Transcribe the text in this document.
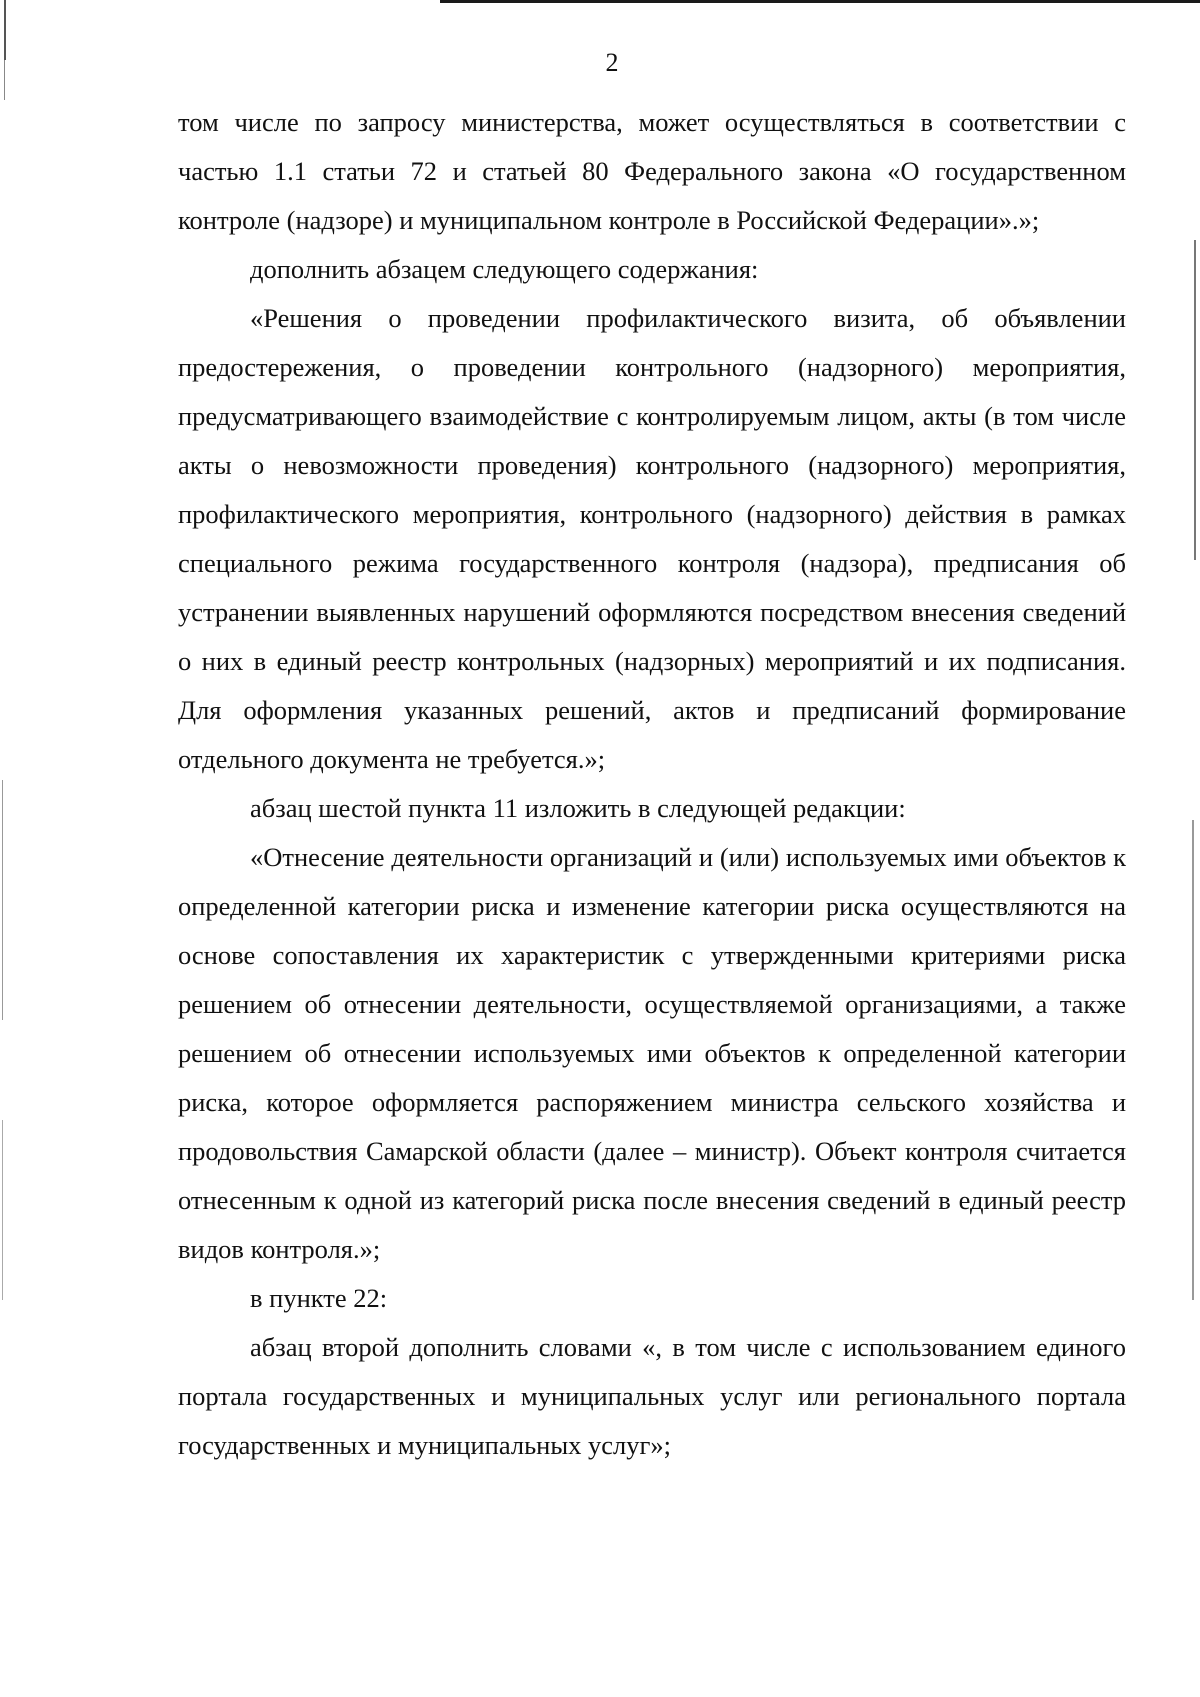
2

том числе по запросу министерства, может осуществляться в соответствии с частью 1.1 статьи 72 и статьей 80 Федерального закона «О государственном контроле (надзоре) и муниципальном контроле в Российской Федерации».»;

дополнить абзацем следующего содержания:

«Решения о проведении профилактического визита, об объявлении предостережения, о проведении контрольного (надзорного) мероприятия, предусматривающего взаимодействие с контролируемым лицом, акты (в том числе акты о невозможности проведения) контрольного (надзорного) мероприятия, профилактического мероприятия, контрольного (надзорного) действия в рамках специального режима государственного контроля (надзора), предписания об устранении выявленных нарушений оформляются посредством внесения сведений о них в единый реестр контрольных (надзорных) мероприятий и их подписания. Для оформления указанных решений, актов и предписаний формирование отдельного документа не требуется.»;

абзац шестой пункта 11 изложить в следующей редакции:

«Отнесение деятельности организаций и (или) используемых ими объектов к определенной категории риска и изменение категории риска осуществляются на основе сопоставления их характеристик с утвержденными критериями риска решением об отнесении деятельности, осуществляемой организациями, а также решением об отнесении используемых ими объектов к определенной категории риска, которое оформляется распоряжением министра сельского хозяйства и продовольствия Самарской области (далее – министр). Объект контроля считается отнесенным к одной из категорий риска после внесения сведений в единый реестр видов контроля.»;

в пункте 22:

абзац второй дополнить словами «, в том числе с использованием единого портала государственных и муниципальных услуг или регионального портала государственных и муниципальных услуг»;
